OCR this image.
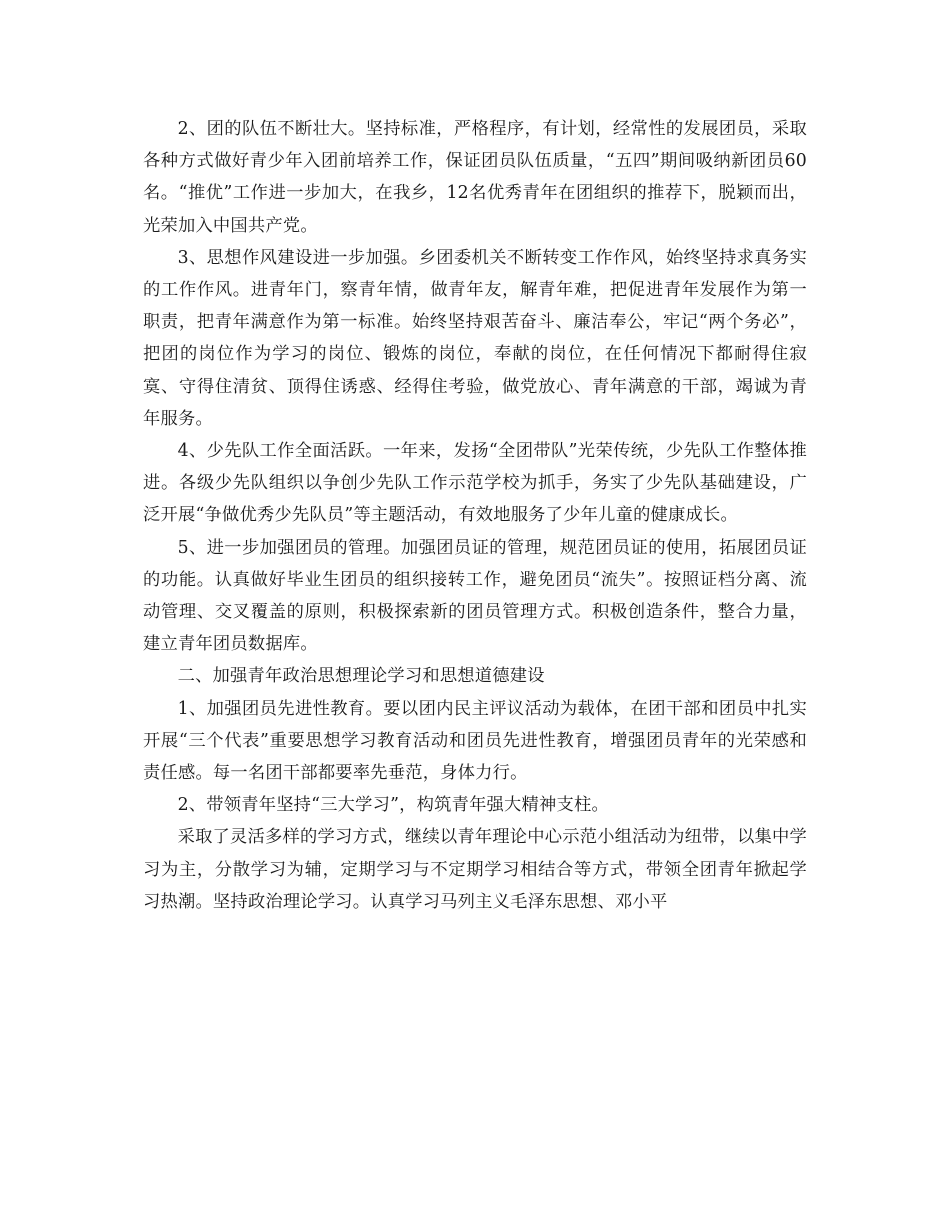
2、团的队伍不断壮大。坚持标准，严格程序，有计划，经常性的发展团员，采取各种方式做好青少年入团前培养工作，保证团员队伍质量，“五四”期间吸纳新团员60名。“推优”工作进一步加大，在我乡，12名优秀青年在团组织的推荐下，脱颖而出，光荣加入中国共产党。

3、思想作风建设进一步加强。乡团委机关不断转变工作作风，始终坚持求真务实的工作作风。进青年门，察青年情，做青年友，解青年难，把促进青年发展作为第一职责，把青年满意作为第一标准。始终坚持艰苦奋斗、廉洁奉公，牢记“两个务必”，把团的岗位作为学习的岗位、锻炼的岗位，奉献的岗位，在任何情况下都耐得住寂寞、守得住清贫、顶得住诱惑、经得住考验，做党放心、青年满意的干部，竭诚为青年服务。

4、少先队工作全面活跃。一年来，发扬“全团带队”光荣传统，少先队工作整体推进。各级少先队组织以争创少先队工作示范学校为抓手，务实了少先队基础建设，广泛开展“争做优秀少先队员”等主题活动，有效地服务了少年儿童的健康成长。

5、进一步加强团员的管理。加强团员证的管理，规范团员证的使用，拓展团员证的功能。认真做好毕业生团员的组织接转工作，避免团员“流失”。按照证档分离、流动管理、交叉覆盖的原则，积极探索新的团员管理方式。积极创造条件，整合力量，建立青年团员数据库。

二、加强青年政治思想理论学习和思想道德建设

1、加强团员先进性教育。要以团内民主评议活动为载体，在团干部和团员中扎实开展“三个代表”重要思想学习教育活动和团员先进性教育，增强团员青年的光荣感和责任感。每一名团干部都要率先垂范，身体力行。

2、带领青年坚持“三大学习”，构筑青年强大精神支柱。

采取了灵活多样的学习方式，继续以青年理论中心示范小组活动为纽带，以集中学习为主，分散学习为辅，定期学习与不定期学习相结合等方式，带领全团青年掀起学习热潮。坚持政治理论学习。认真学习马列主义毛泽东思想、邓小平
